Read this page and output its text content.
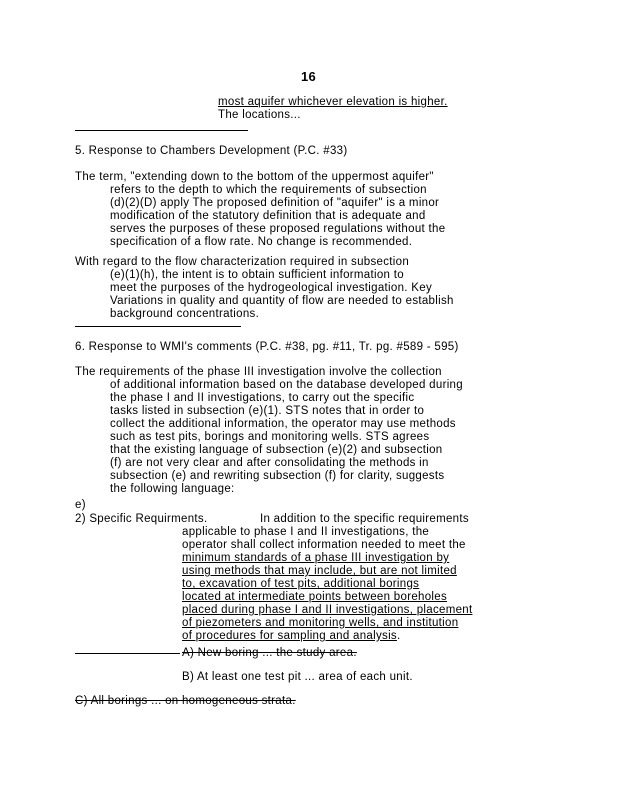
16
most aquifer whichever elevation is higher.
The locations...
5. Response to Chambers Development (P.C. #33)
The term, "extending down to the bottom of the uppermost aquifer"
refers to the depth to which the requirements of subsection
(d)(2)(D) apply The proposed definition of "aquifer" is a minor
modification of the statutory definition that is adequate and
serves the purposes of these proposed regulations without the
specification of a flow rate. No change is recommended.
With regard to the flow characterization required in subsection
(e)(1)(h), the intent is to obtain sufficient information to
meet the purposes of the hydrogeological investigation. Key
Variations in quality and quantity of flow are needed to establish
background concentrations.
6. Response to WMI's comments (P.C. #38, pg. #11, Tr. pg. #589 - 595)
The requirements of the phase III investigation involve the collection
of additional information based on the database developed during
the phase I and II investigations, to carry out the specific
tasks listed in subsection (e)(1). STS notes that in order to
collect the additional information, the operator may use methods
such as test pits, borings and monitoring wells. STS agrees
that the existing language of subsection (e)(2) and subsection
(f) are not very clear and after consolidating the methods in
subsection (e) and rewriting subsection (f) for clarity, suggests
the following language:
e)
2) Specific Requirments.	In addition to the specific requirements
applicable to phase I and II investigations, the
operator shall collect information needed to meet the
minimum standards of a phase III investigation by
using methods that may include, but are not limited
to, excavation of test pits, additional borings
located at intermediate points between boreholes
placed during phase I and II investigations, placement
of piezometers and monitoring wells, and institution
of procedures for sampling and analysis.
A) New boring ... the study area.
B) At least one test pit ... area of each unit.
C) All borings ... on homogeneous strata.
